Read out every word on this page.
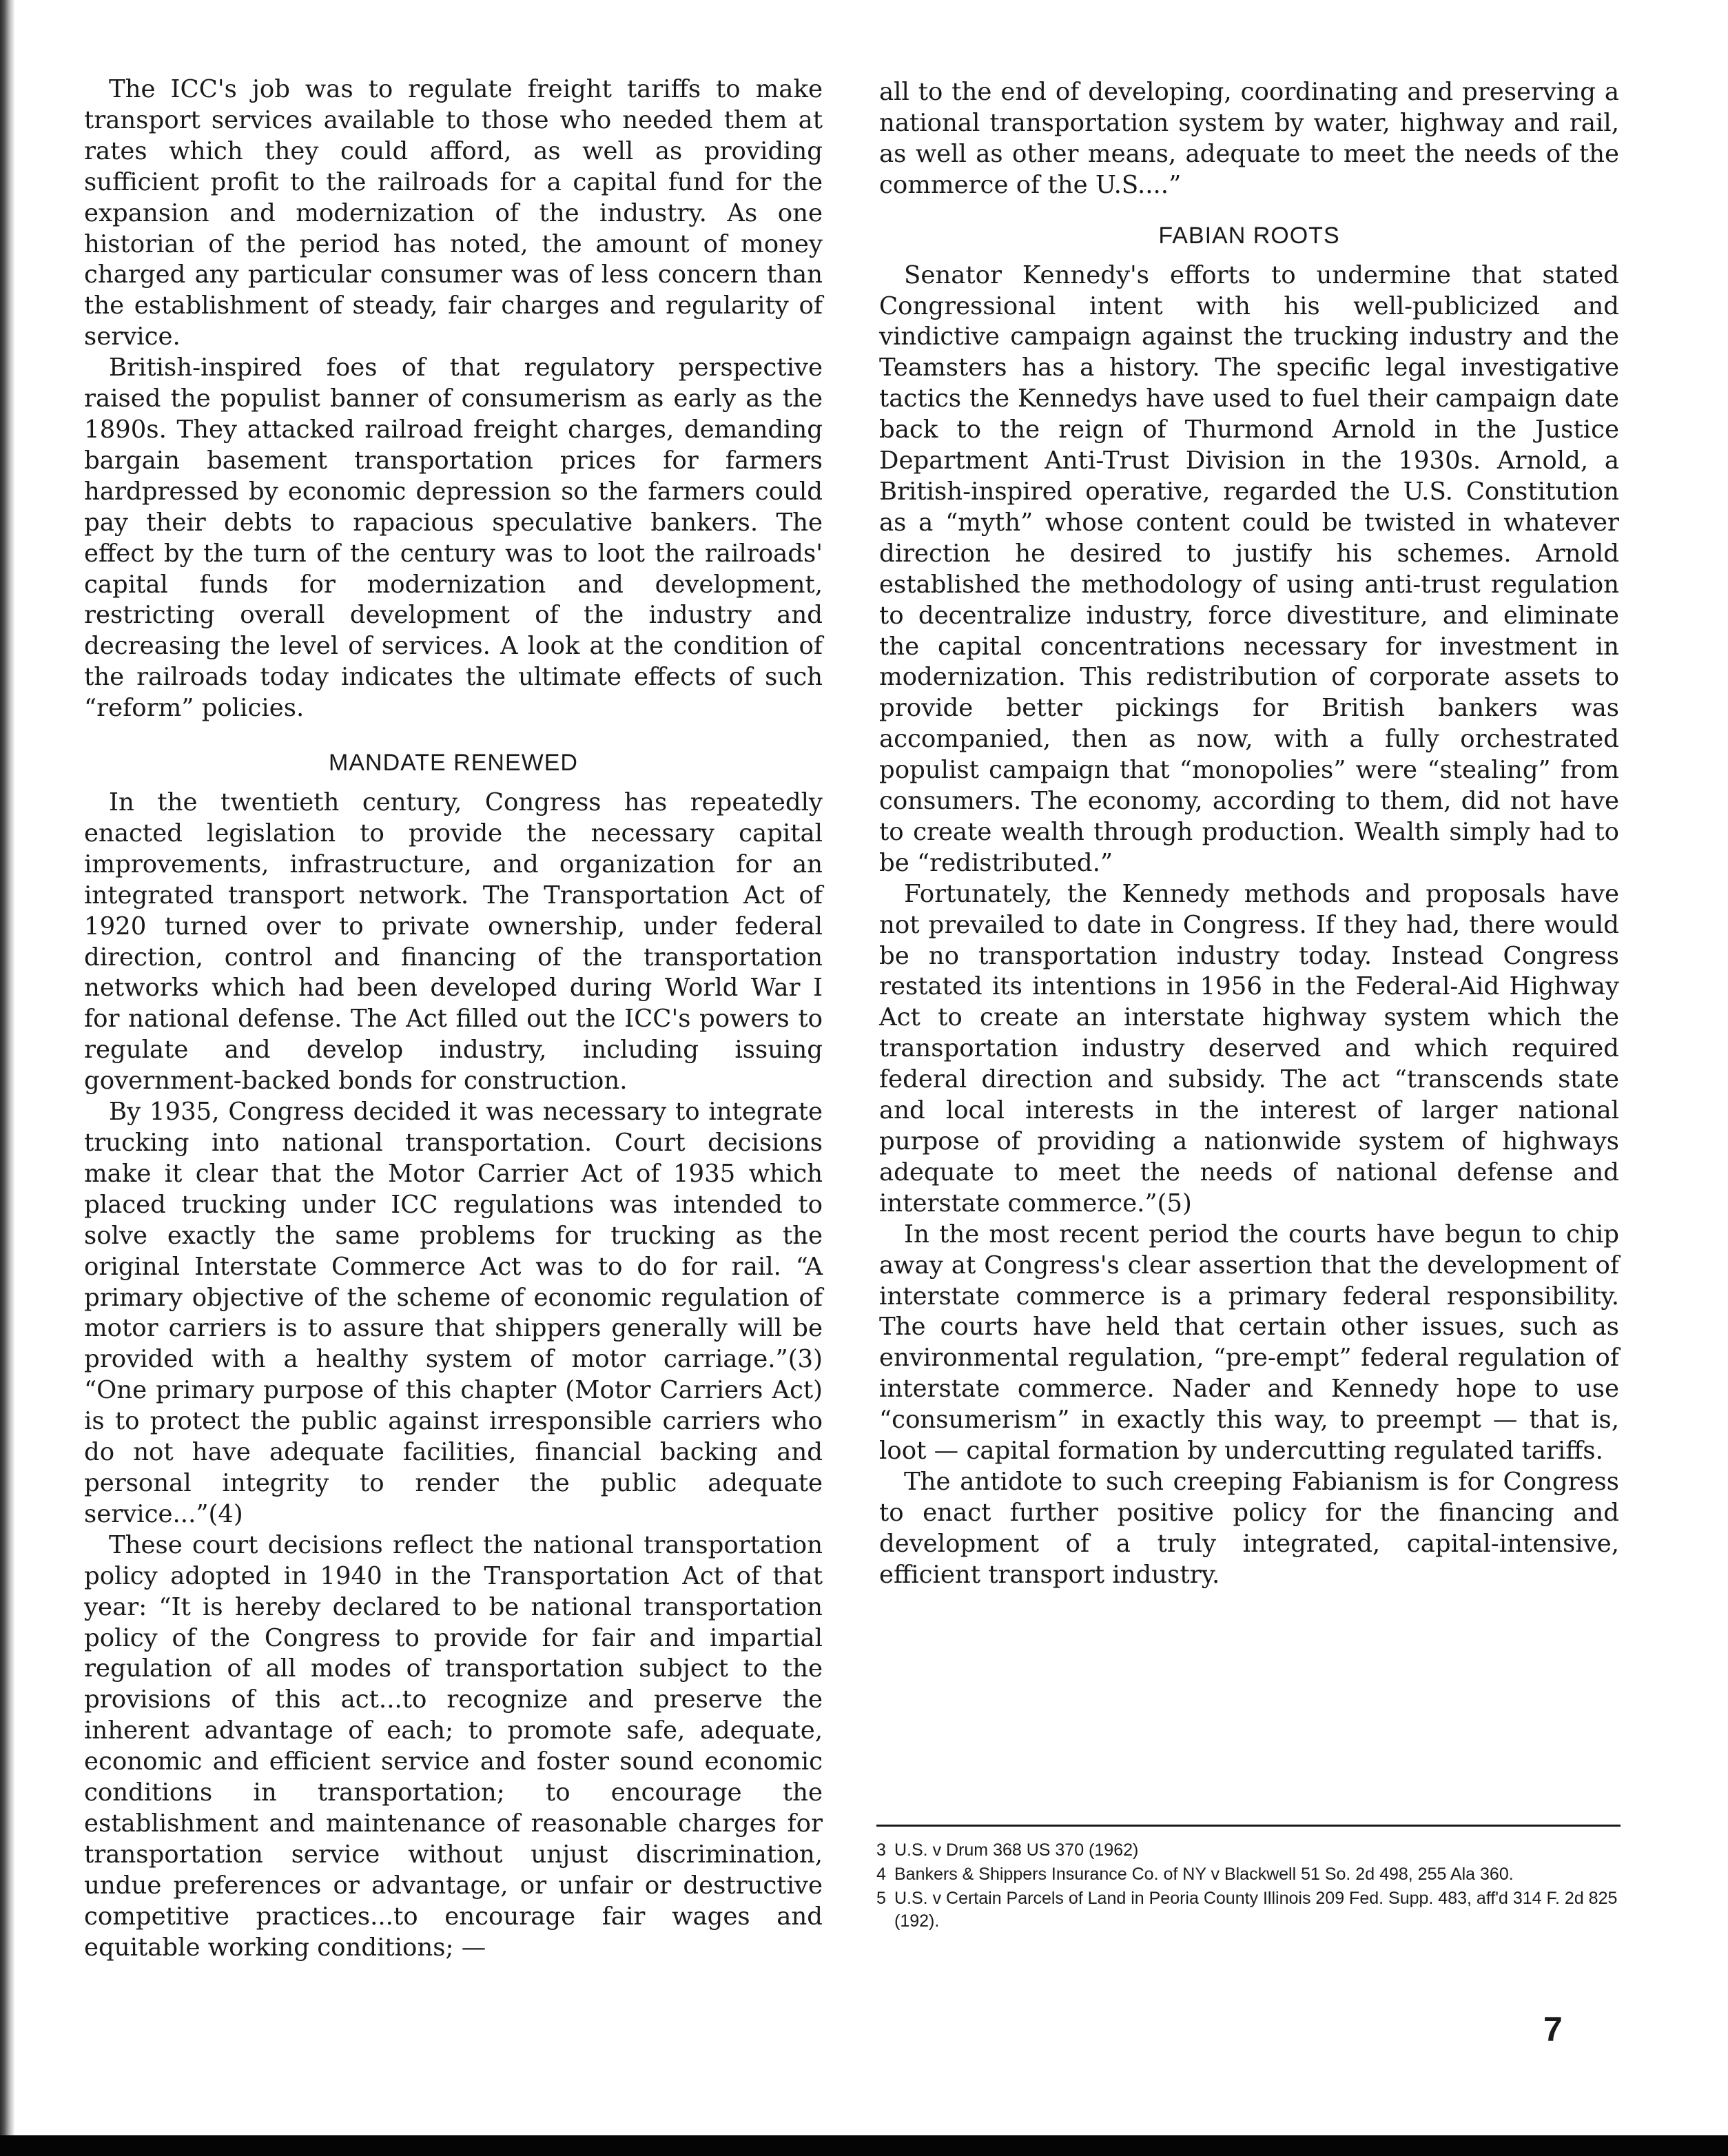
The ICC's job was to regulate freight tariffs to make transport services available to those who needed them at rates which they could afford, as well as providing sufficient profit to the railroads for a capital fund for the expansion and modernization of the industry. As one historian of the period has noted, the amount of money charged any particular consumer was of less concern than the establishment of steady, fair charges and regularity of service.

British-inspired foes of that regulatory perspective raised the populist banner of consumerism as early as the 1890s. They attacked railroad freight charges, demanding bargain basement transportation prices for farmers hardpressed by economic depression so the farmers could pay their debts to rapacious speculative bankers. The effect by the turn of the century was to loot the railroads' capital funds for modernization and development, restricting overall development of the industry and decreasing the level of services. A look at the condition of the railroads today indicates the ultimate effects of such “reform” policies.

MANDATE RENEWED

In the twentieth century, Congress has repeatedly enacted legislation to provide the necessary capital improvements, infrastructure, and organization for an integrated transport network. The Transportation Act of 1920 turned over to private ownership, under federal direction, control and financing of the transportation networks which had been developed during World War I for national defense. The Act filled out the ICC's powers to regulate and develop industry, including issuing government-backed bonds for construction.

By 1935, Congress decided it was necessary to integrate trucking into national transportation. Court decisions make it clear that the Motor Carrier Act of 1935 which placed trucking under ICC regulations was intended to solve exactly the same problems for trucking as the original Interstate Commerce Act was to do for rail. “A primary objective of the scheme of economic regulation of motor carriers is to assure that shippers generally will be provided with a healthy system of motor carriage.”(3) “One primary purpose of this chapter (Motor Carriers Act) is to protect the public against irresponsible carriers who do not have adequate facilities, financial backing and personal integrity to render the public adequate service...”(4)

These court decisions reflect the national transportation policy adopted in 1940 in the Transportation Act of that year: “It is hereby declared to be national transportation policy of the Congress to provide for fair and impartial regulation of all modes of transportation subject to the provisions of this act...to recognize and preserve the inherent advantage of each; to promote safe, adequate, economic and efficient service and foster sound economic conditions in transportation; to encourage the establishment and maintenance of reasonable charges for transportation service without unjust discrimination, undue preferences or advantage, or unfair or destructive competitive practices...to encourage fair wages and equitable working conditions; —

all to the end of developing, coordinating and preserving a national transportation system by water, highway and rail, as well as other means, adequate to meet the needs of the commerce of the U.S....”

FABIAN ROOTS

Senator Kennedy's efforts to undermine that stated Congressional intent with his well-publicized and vindictive campaign against the trucking industry and the Teamsters has a history. The specific legal investigative tactics the Kennedys have used to fuel their campaign date back to the reign of Thurmond Arnold in the Justice Department Anti-Trust Division in the 1930s. Arnold, a British-inspired operative, regarded the U.S. Constitution as a “myth” whose content could be twisted in whatever direction he desired to justify his schemes. Arnold established the methodology of using anti-trust regulation to decentralize industry, force divestiture, and eliminate the capital concentrations necessary for investment in modernization. This redistribution of corporate assets to provide better pickings for British bankers was accompanied, then as now, with a fully orchestrated populist campaign that “monopolies” were “stealing” from consumers. The economy, according to them, did not have to create wealth through production. Wealth simply had to be “redistributed.”

Fortunately, the Kennedy methods and proposals have not prevailed to date in Congress. If they had, there would be no transportation industry today. Instead Congress restated its intentions in 1956 in the Federal-Aid Highway Act to create an interstate highway system which the transportation industry deserved and which required federal direction and subsidy. The act “transcends state and local interests in the interest of larger national purpose of providing a nationwide system of highways adequate to meet the needs of national defense and interstate commerce.”(5)

In the most recent period the courts have begun to chip away at Congress's clear assertion that the development of interstate commerce is a primary federal responsibility. The courts have held that certain other issues, such as environmental regulation, “pre-empt” federal regulation of interstate commerce. Nader and Kennedy hope to use “consumerism” in exactly this way, to preempt — that is, loot — capital formation by undercutting regulated tariffs.

The antidote to such creeping Fabianism is for Congress to enact further positive policy for the financing and development of a truly integrated, capital-intensive, efficient transport industry.

3 U.S. v Drum 368 US 370 (1962)
4 Bankers & Shippers Insurance Co. of NY v Blackwell 51 So. 2d 498, 255 Ala 360.
5 U.S. v Certain Parcels of Land in Peoria County Illinois 209 Fed. Supp. 483, aff'd 314 F. 2d 825 (192).
7
